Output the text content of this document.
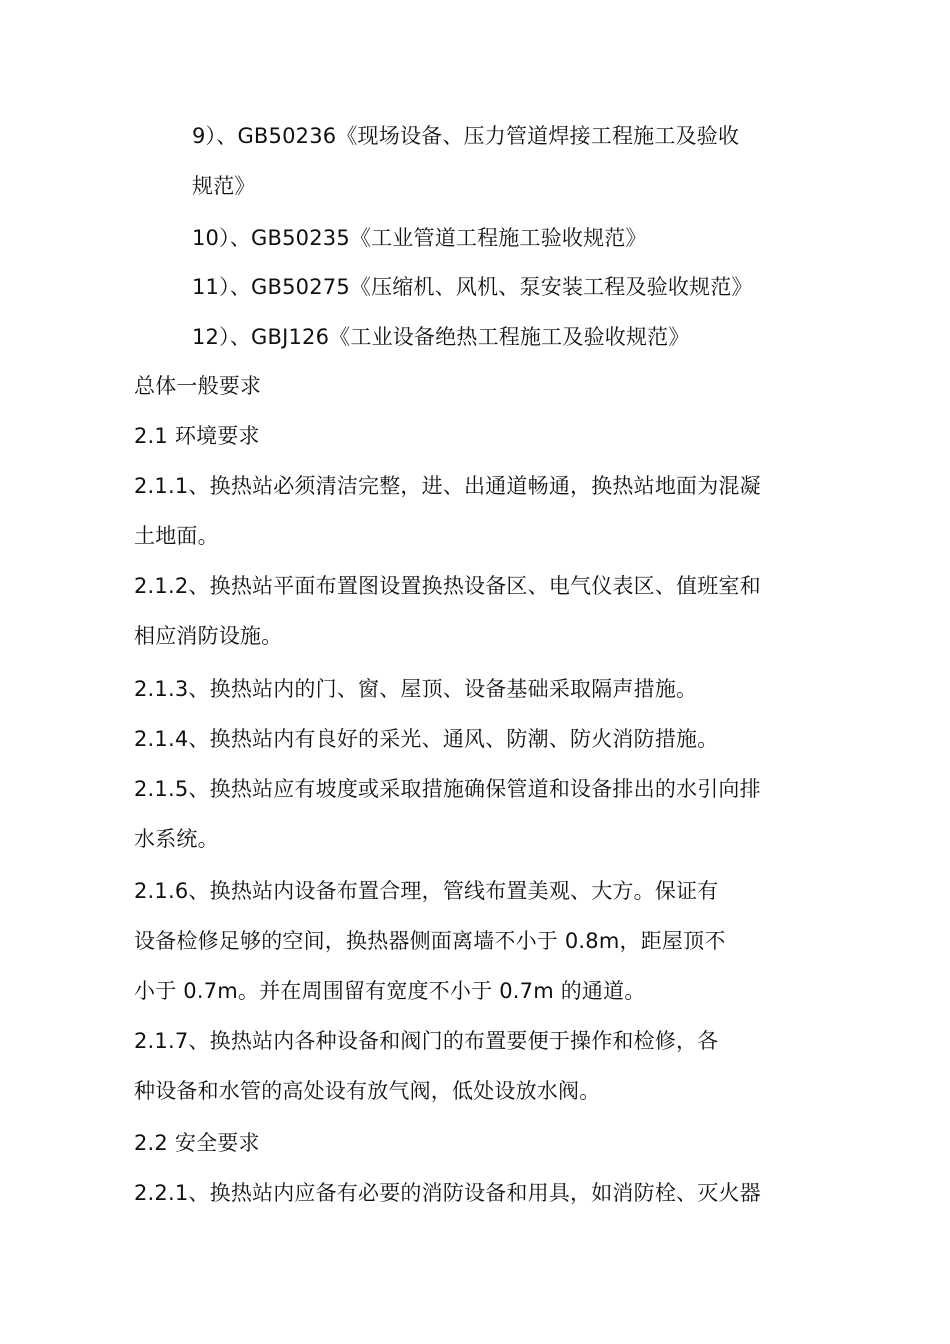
9）、GB50236《现场设备、压力管道焊接工程施工及验收
规范》
10）、GB50235《工业管道工程施工验收规范》
11）、GB50275《压缩机、风机、泵安装工程及验收规范》
12）、GBJ126《工业设备绝热工程施工及验收规范》
总体一般要求
2.1 环境要求
2.1.1、换热站必须清洁完整，进、出通道畅通，换热站地面为混凝
土地面。
2.1.2、换热站平面布置图设置换热设备区、电气仪表区、值班室和
相应消防设施。
2.1.3、换热站内的门、窗、屋顶、设备基础采取隔声措施。
2.1.4、换热站内有良好的采光、通风、防潮、防火消防措施。
2.1.5、换热站应有坡度或采取措施确保管道和设备排出的水引向排
水系统。
2.1.6、换热站内设备布置合理，管线布置美观、大方。保证有
设备检修足够的空间，换热器侧面离墙不小于 0.8m，距屋顶不
小于 0.7m。并在周围留有宽度不小于 0.7m 的通道。
2.1.7、换热站内各种设备和阀门的布置要便于操作和检修，各
种设备和水管的高处设有放气阀，低处设放水阀。
2.2 安全要求
2.2.1、换热站内应备有必要的消防设备和用具，如消防栓、灭火器
